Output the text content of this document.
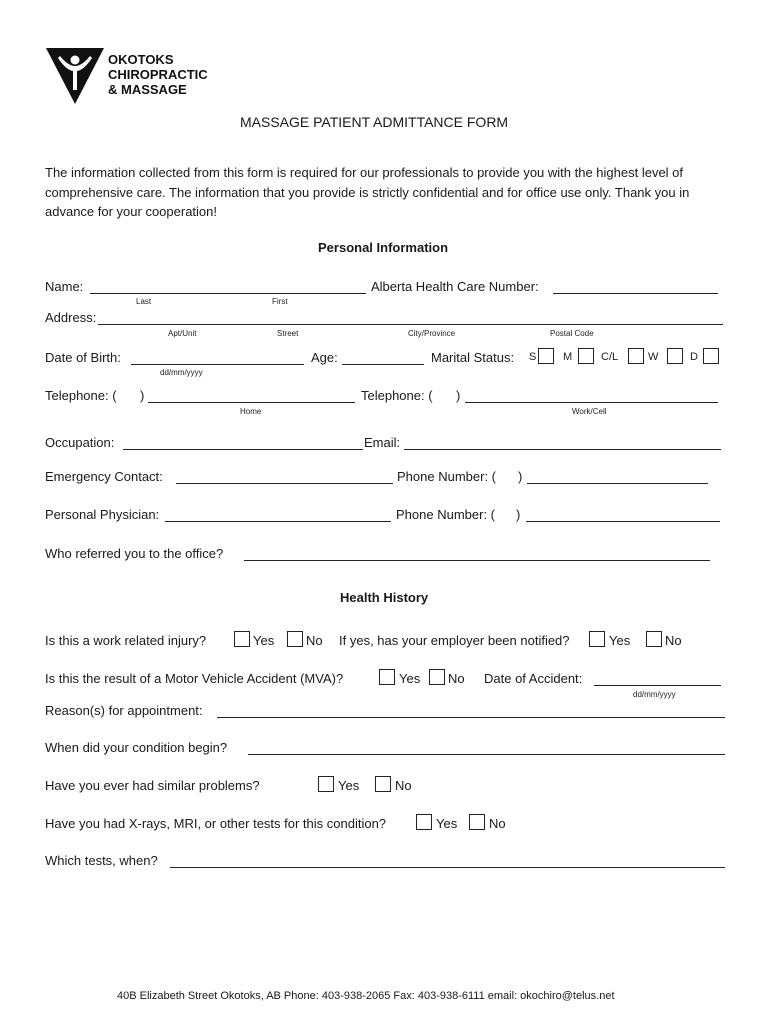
OKOTOKS
CHIROPRACTIC
& MASSAGE
MASSAGE PATIENT ADMITTANCE FORM
The information collected from this form is required for our professionals to provide you with the highest level of comprehensive care. The information that you provide is strictly confidential and for office use only. Thank you in advance for your cooperation!
Personal Information
Name:
Last	First
Alberta Health Care Number:
Address:
Apt/Unit	Street	City/Province	Postal Code
Date of Birth:
dd/mm/yyyy
Age:	Marital Status: S M	C/L	W	D
Telephone: ( )
Home
Telephone: ( )
Work/Cell
Occupation:	Email:
Emergency Contact:	Phone Number: ( )
Personal Physician:	Phone Number: ( )
Who referred you to the office?
Health History
Is this a work related injury?	Yes No If yes, has your employer been notified?	Yes	No
Is this the result of a Motor Vehicle Accident (MVA)?	Yes No Date of Accident:
dd/mm/yyyy
Reason(s) for appointment:
When did your condition begin?
Have you ever had similar problems?	Yes	No
Have you had X-rays, MRI, or other tests for this condition?	Yes No
Which tests, when?
40B Elizabeth Street Okotoks, AB Phone: 403-938-2065 Fax: 403-938-6111 email: okochiro@telus.net
